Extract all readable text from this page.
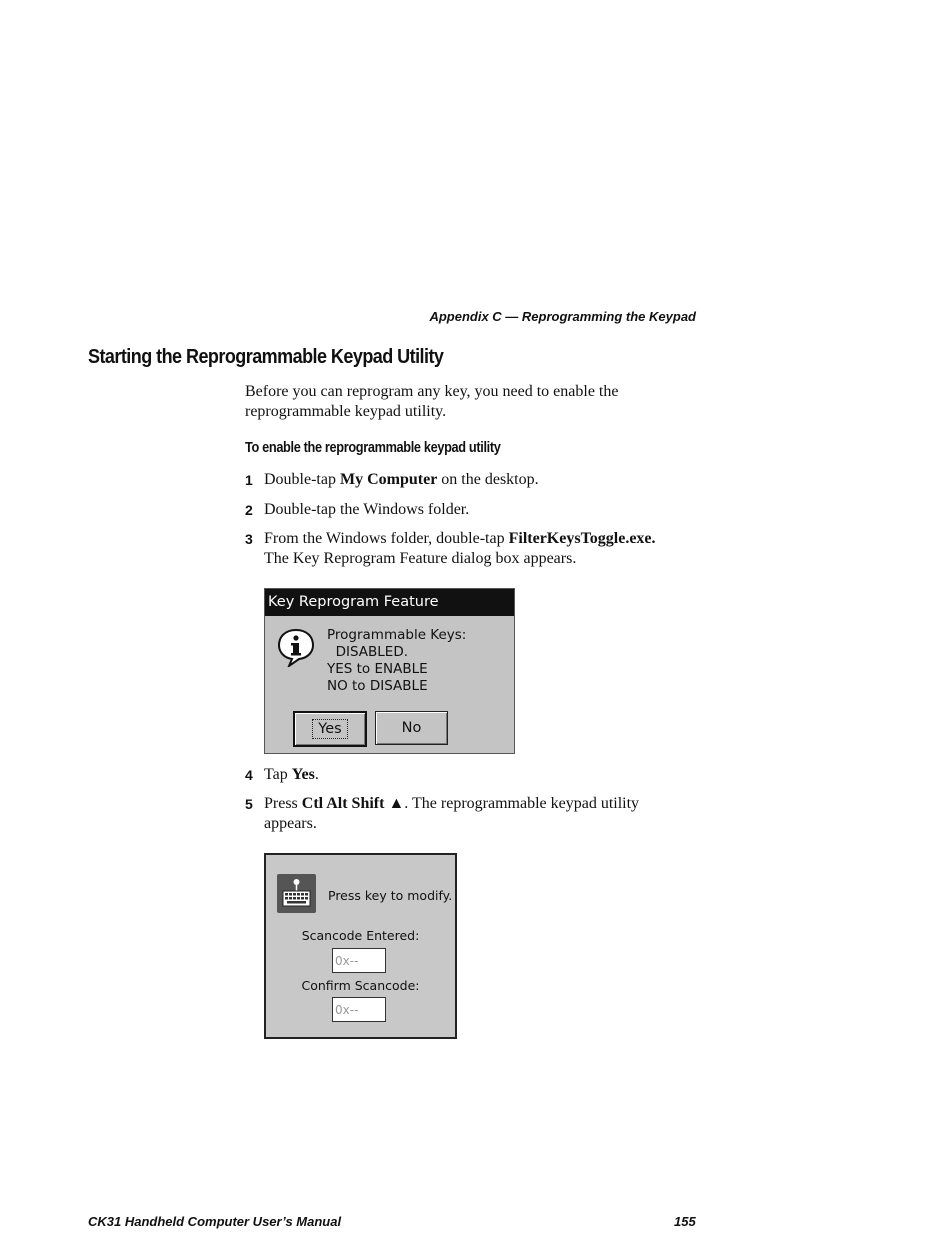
Appendix C — Reprogramming the Keypad
Starting the Reprogrammable Keypad Utility
Before you can reprogram any key, you need to enable the reprogrammable keypad utility.
To enable the reprogrammable keypad utility
1 Double-tap My Computer on the desktop.
2 Double-tap the Windows folder.
3 From the Windows folder, double-tap FilterKeysToggle.exe.
The Key Reprogram Feature dialog box appears.
Key Reprogram Feature
Programmable Keys:
DISABLED.
YES to ENABLE
NO to DISABLE
Yes	No
4 Tap Yes.
5 Press Ctl Alt Shift ▲. The reprogrammable keypad utility appears.
Press key to modify.
Scancode Entered:
0x--
Confirm Scancode:
0x--
CK31 Handheld Computer User’s Manual	155
